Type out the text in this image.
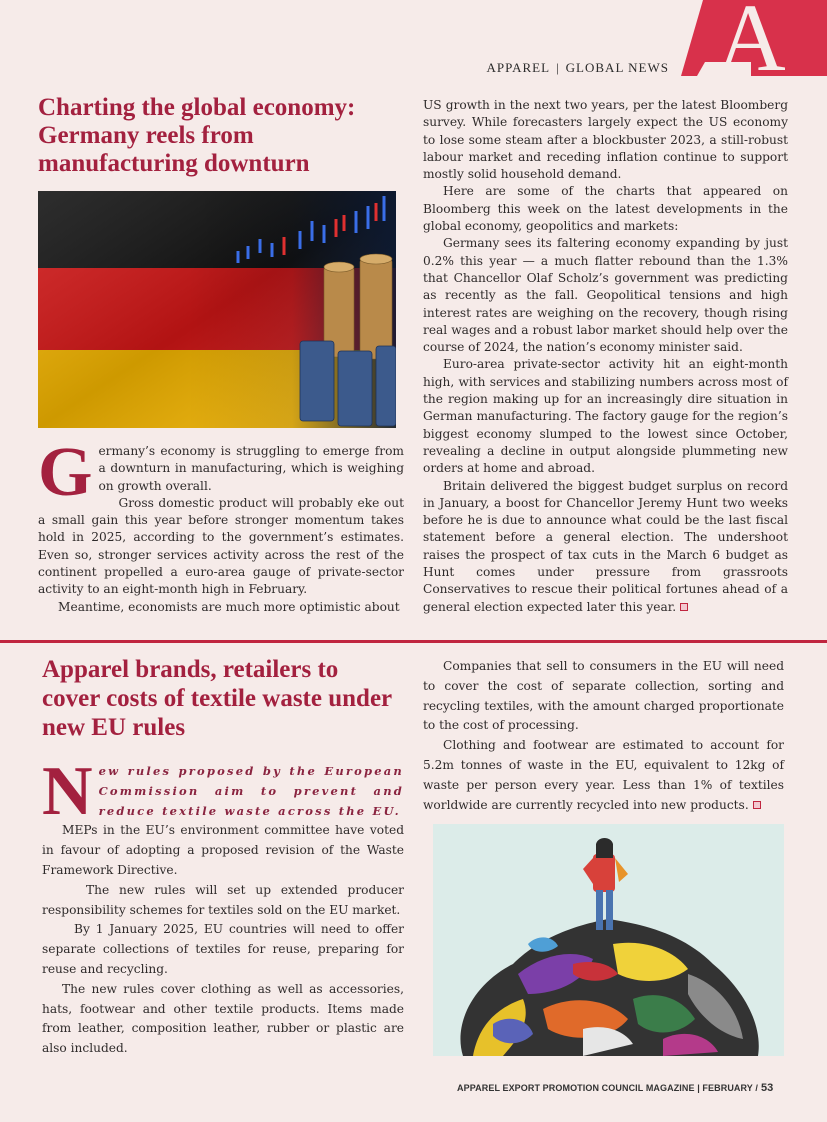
A
APPAREL | GLOBAL NEWS
Charting the global economy: Germany reels from manufacturing downturn
G ermany’s economy is struggling to emerge from a downturn in manufacturing, which is weighing on growth overall.

Gross domestic product will probably eke out a small gain this year before stronger momentum takes hold in 2025, according to the government’s estimates. Even so, stronger services activity across the rest of the continent propelled a euro-area gauge of private-sector activity to an eight-month high in February.

Meantime, economists are much more optimistic about

US growth in the next two years, per the latest Bloomberg survey. While forecasters largely expect the US economy to lose some steam after a blockbuster 2023, a still-robust labour market and receding inflation continue to support mostly solid household demand.

Here are some of the charts that appeared on Bloomberg this week on the latest developments in the global economy, geopolitics and markets:

Germany sees its faltering economy expanding by just 0.2% this year — a much flatter rebound than the 1.3% that Chancellor Olaf Scholz’s government was predicting as recently as the fall. Geopolitical tensions and high interest rates are weighing on the recovery, though rising real wages and a robust labor market should help over the course of 2024, the nation’s economy minister said.

Euro-area private-sector activity hit an eight-month high, with services and stabilizing numbers across most of the region making up for an increasingly dire situation in German manufacturing. The factory gauge for the region’s biggest economy slumped to the lowest since October, revealing a decline in output alongside plummeting new orders at home and abroad.

Britain delivered the biggest budget surplus on record in January, a boost for Chancellor Jeremy Hunt two weeks before he is due to announce what could be the last fiscal statement before a general election. The undershoot raises the prospect of tax cuts in the March 6 budget as Hunt comes under pressure from grassroots Conservatives to rescue their political fortunes ahead of a general election expected later this year.

Apparel brands, retailers to cover costs of textile waste under new EU rules
N ew rules proposed by the European Commission aim to prevent and reduce textile waste across the EU.

MEPs in the EU’s environment committee have voted in favour of adopting a proposed revision of the Waste Framework Directive.

The new rules will set up extended producer responsibility schemes for textiles sold on the EU market.

By 1 January 2025, EU countries will need to offer separate collections of textiles for reuse, preparing for reuse and recycling.

The new rules cover clothing as well as accessories, hats, footwear and other textile products. Items made from leather, composition leather, rubber or plastic are also included.

Companies that sell to consumers in the EU will need to cover the cost of separate collection, sorting and recycling textiles, with the amount charged proportionate to the cost of processing.

Clothing and footwear are estimated to account for 5.2m tonnes of waste in the EU, equivalent to 12kg of waste per person every year. Less than 1% of textiles worldwide are currently recycled into new products.

APPAREL EXPORT PROMOTION COUNCIL MAGAZINE | FEBRUARY / 53
